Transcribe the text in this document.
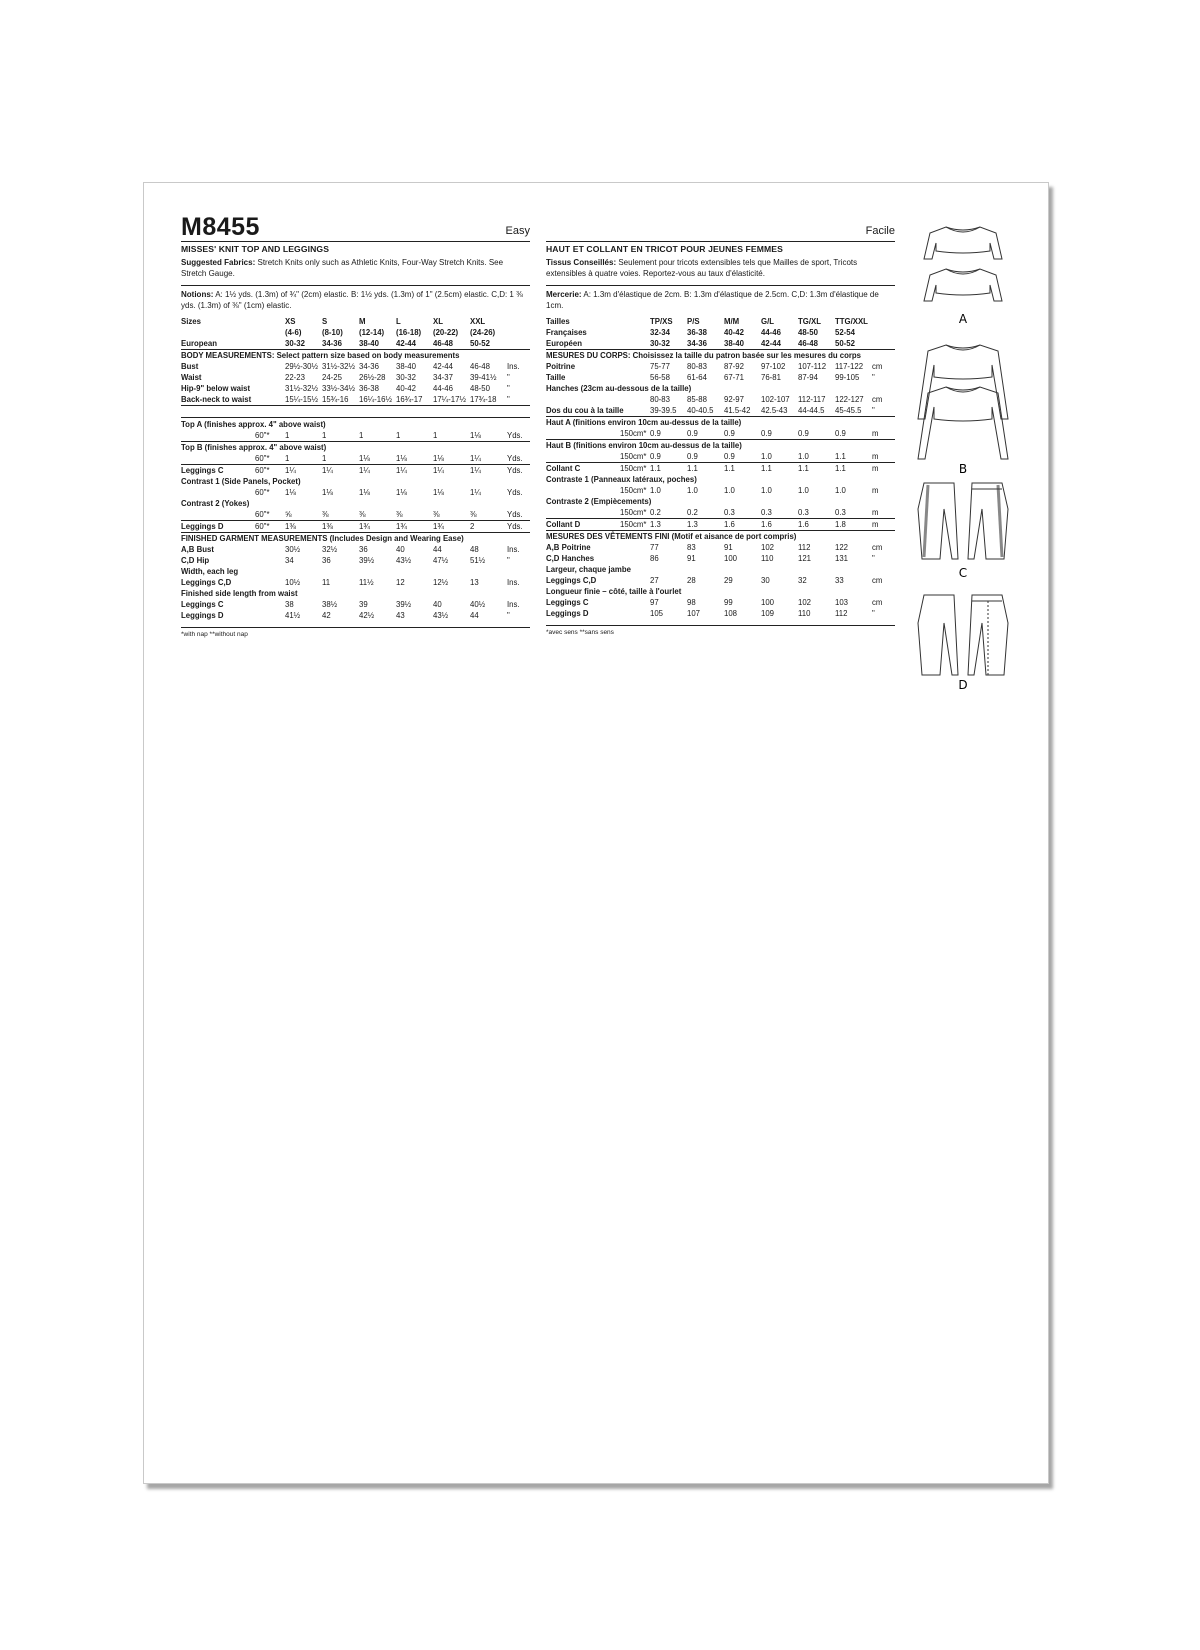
M8455	Easy
MISSES' KNIT TOP AND LEGGINGS
Suggested Fabrics: Stretch Knits only such as Athletic Knits, Four-Way Stretch Knits. See Stretch Gauge.
Notions: A: 1½ yds. (1.3m) of ¾" (2cm) elastic. B: 1½ yds. (1.3m) of 1" (2.5cm) elastic. C,D: 1 ⅜ yds. (1.3m) of ⅜" (1cm) elastic.
Sizes		XS	S	M	L	XL	XXL	
		(4-6)	(8-10)	(12-14)	(16-18)	(20-22)	(24-26)	
European		30-32	34-36	38-40	42-44	46-48	50-52	
BODY MEASUREMENTS: Select pattern size based on body measurements								
Bust		29½-30½	31½-32½	34-36	38-40	42-44	46-48	Ins.
Waist		22-23	24-25	26½-28	30-32	34-37	39-41½	"
Hip-9" below waist		31½-32½	33½-34½	36-38	40-42	44-46	48-50	"
Back-neck to waist		15¼-15½	15¾-16	16¼-16½	16¾-17	17¼-17½	17¾-18	"

Top A (finishes approx. 4" above waist)								
	60"*	1	1	1	1	1	1⅛	Yds.
Top B (finishes approx. 4" above waist)								
	60"*	1	1	1⅛	1⅛	1⅛	1¼	Yds.
Leggings C	60"*	1¼	1¼	1¼	1¼	1¼	1¼	Yds.
Contrast 1 (Side Panels, Pocket)								
	60"*	1⅛	1⅛	1⅛	1⅛	1⅛	1¼	Yds.
Contrast 2 (Yokes)								
	60"*	⅝	⅜	⅜	⅜	⅜	⅜	Yds.
Leggings D	60"*	1⅜	1⅜	1¾	1¾	1¾	2	Yds.
FINISHED GARMENT MEASUREMENTS (Includes Design and Wearing Ease)								
A,B Bust		30½	32½	36	40	44	48	Ins.
C,D Hip		34	36	39½	43½	47½	51½	"
Width, each leg								
Leggings C,D		10½	11	11½	12	12½	13	Ins.
Finished side length from waist								
Leggings C		38	38½	39	39½	40	40½	Ins.
Leggings D		41½	42	42½	43	43½	44	"
*with nap **without nap
Facile
HAUT ET COLLANT EN TRICOT POUR JEUNES FEMMES
Tissus Conseillés: Seulement pour tricots extensibles tels que Mailles de sport, Tricots extensibles à quatre voies. Reportez-vous au taux d'élasticité.
Mercerie: A: 1.3m d'élastique de 2cm. B: 1.3m d'élastique de 2.5cm. C,D: 1.3m d'élastique de 1cm.
Tailles		TP/XS	P/S	M/M	G/L	TG/XL	TTG/XXL	
Françaises		32-34	36-38	40-42	44-46	48-50	52-54	
Européen		30-32	34-36	38-40	42-44	46-48	50-52	
MESURES DU CORPS: Choisissez la taille du patron basée sur les mesures du corps								
Poitrine		75-77	80-83	87-92	97-102	107-112	117-122	cm
Taille		56-58	61-64	67-71	76-81	87-94	99-105	"
Hanches (23cm au-dessous de la taille)								
		80-83	85-88	92-97	102-107	112-117	122-127	cm
Dos du cou à la taille		39-39.5	40-40.5	41.5-42	42.5-43	44-44.5	45-45.5	"
Haut A (finitions environ 10cm au-dessus de la taille)								
	150cm*	0.9	0.9	0.9	0.9	0.9	0.9	m
Haut B (finitions environ 10cm au-dessus de la taille)								
	150cm*	0.9	0.9	0.9	1.0	1.0	1.1	m
Collant C	150cm*	1.1	1.1	1.1	1.1	1.1	1.1	m
Contraste 1 (Panneaux latéraux, poches)								
	150cm*	1.0	1.0	1.0	1.0	1.0	1.0	m
Contraste 2 (Empiècements)								
	150cm*	0.2	0.2	0.3	0.3	0.3	0.3	m
Collant D	150cm*	1.3	1.3	1.6	1.6	1.6	1.8	m
MESURES DES VÊTEMENTS FINI (Motif et aisance de port compris)								
A,B Poitrine		77	83	91	102	112	122	cm
C,D Hanches		86	91	100	110	121	131	"
Largeur, chaque jambe								
Leggings C,D		27	28	29	30	32	33	cm
Longueur finie – côté, taille à l'ourlet								
Leggings C		97	98	99	100	102	103	cm
Leggings D		105	107	108	109	110	112	"
*avec sens **sans sens
A
B
C
D
